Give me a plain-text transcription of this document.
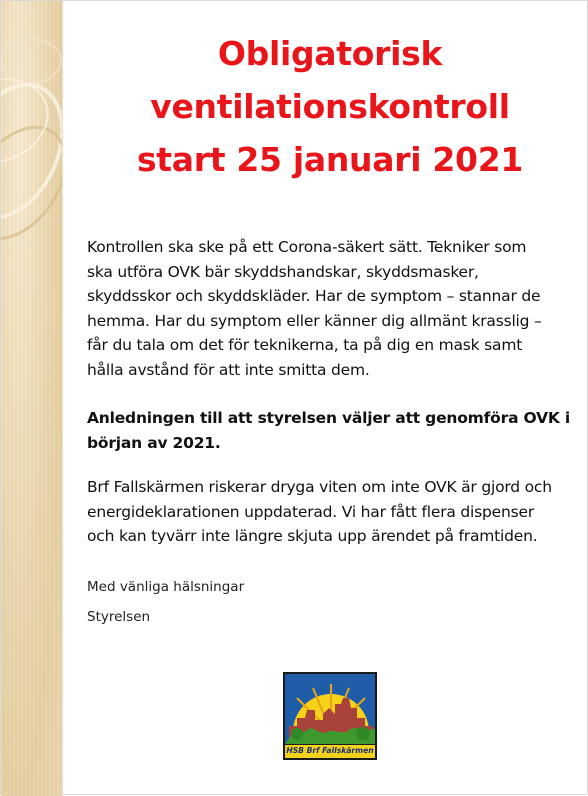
Obligatorisk
ventilationskontroll
start 25 januari 2021
Kontrollen ska ske på ett Corona-säkert sätt. Tekniker som
ska utföra OVK bär skyddshandskar, skyddsmasker,
skyddsskor och skyddskläder. Har de symptom – stannar de
hemma. Har du symptom eller känner dig allmänt krasslig –
får du tala om det för teknikerna, ta på dig en mask samt
hålla avstånd för att inte smitta dem.
Anledningen till att styrelsen väljer att genomföra OVK i
början av 2021.
Brf Fallskärmen riskerar dryga viten om inte OVK är gjord och
energideklarationen uppdaterad. Vi har fått flera dispenser
och kan tyvärr inte längre skjuta upp ärendet på framtiden.
Med vänliga hälsningar
Styrelsen
HSB Brf Fallskärmen
